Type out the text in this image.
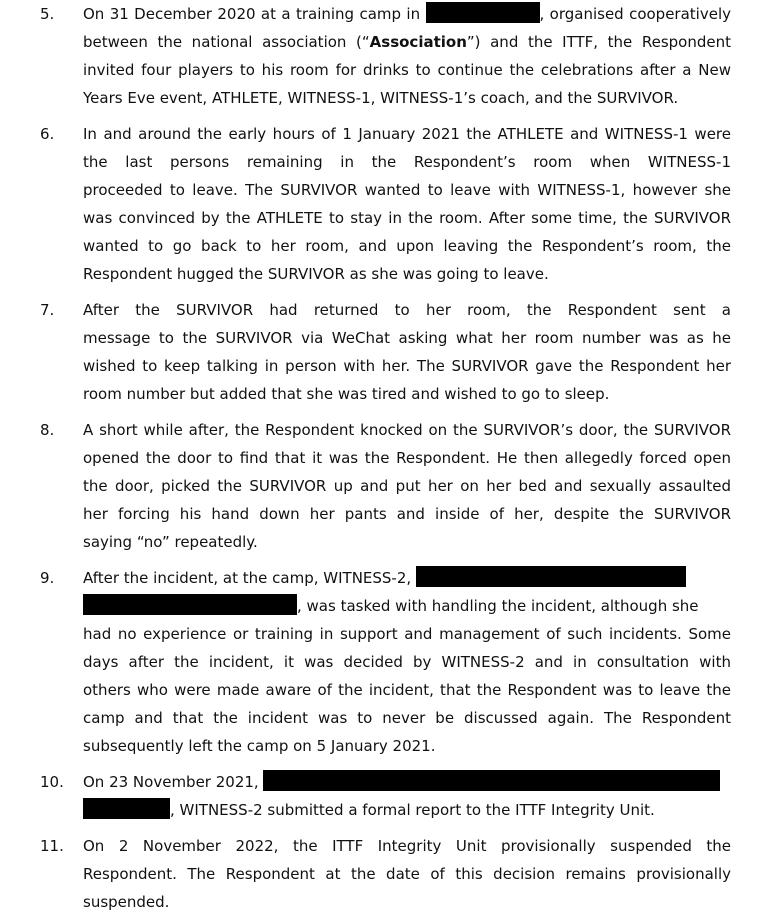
5. On 31 December 2020 at a training camp in	, organised cooperatively
between the national association (“Association”) and the ITTF, the Respondent
invited four players to his room for drinks to continue the celebrations after a New
Years Eve event, ATHLETE, WITNESS-1, WITNESS-1’s coach, and the SURVIVOR.
6. In and around the early hours of 1 January 2021 the ATHLETE and WITNESS-1 were
the last persons remaining in the Respondent’s room when WITNESS-1
proceeded to leave. The SURVIVOR wanted to leave with WITNESS-1, however she
was convinced by the ATHLETE to stay in the room. After some time, the SURVIVOR
wanted to go back to her room, and upon leaving the Respondent’s room, the
Respondent hugged the SURVIVOR as she was going to leave.
7. After the SURVIVOR had returned to her room, the Respondent sent a
message to the SURVIVOR via WeChat asking what her room number was as he
wished to keep talking in person with her. The SURVIVOR gave the Respondent her
room number but added that she was tired and wished to go to sleep.
8. A short while after, the Respondent knocked on the SURVIVOR’s door, the SURVIVOR
opened the door to find that it was the Respondent. He then allegedly forced open
the door, picked the SURVIVOR up and put her on her bed and sexually assaulted
her forcing his hand down her pants and inside of her, despite the SURVIVOR
saying “no” repeatedly.
9. After the incident, at the camp, WITNESS-2,
, was tasked with handling the incident, although she
had no experience or training in support and management of such incidents. Some
days after the incident, it was decided by WITNESS-2 and in consultation with
others who were made aware of the incident, that the Respondent was to leave the
camp and that the incident was to never be discussed again. The Respondent
subsequently left the camp on 5 January 2021.
10. On 23 November 2021,
, WITNESS-2 submitted a formal report to the ITTF Integrity Unit.
11. On 2 November 2022, the ITTF Integrity Unit provisionally suspended the
Respondent. The Respondent at the date of this decision remains provisionally
suspended.
